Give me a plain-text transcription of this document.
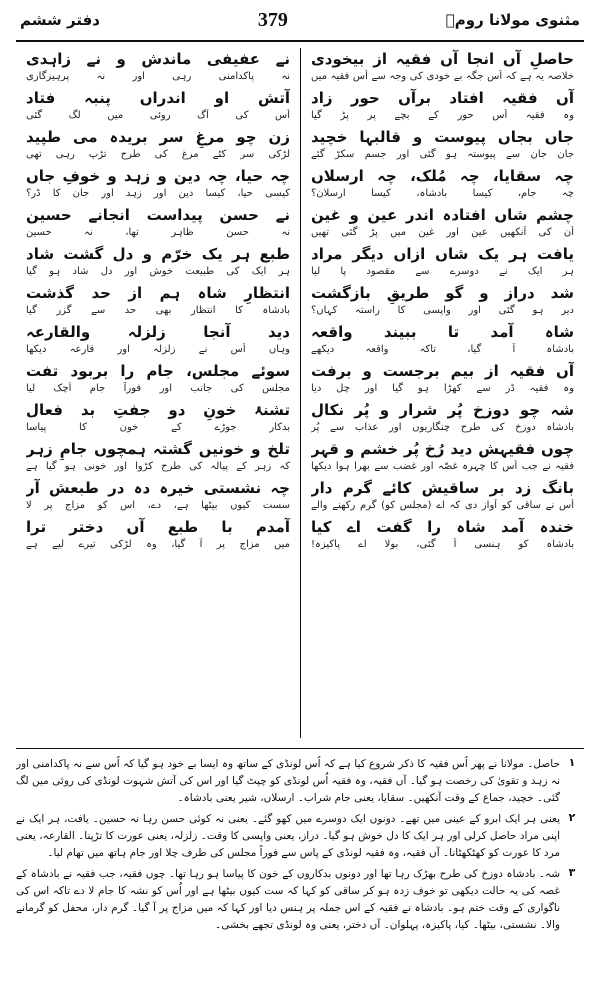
دفتر ششم	379	مثنوی مولانا رومؒ
حاصلِ آں انجا آں فقیہ از بیخودی
خلاصہ یہ ہے کہ اُس جگہ بے خودی کی وجہ سے اُس فقیہ میں
آں فقیہ افتاد برآں حور زاد
وہ فقیہ اُس حور کے بچے پر پڑ گیا
جاں بجاں پیوست و قالبہا خچید
جان جان سے پیوستہ ہو گئی اور جسم سکڑ گئے
چہ سقایا، چہ مُلک، چہ ارسلاں
چہ جام، کیسا بادشاہ، کیسا ارسلان؟
چشم شاں افتادہ اندر عین و غین
اُن کی آنکھیں عین اور غین میں پڑ گئی تھیں
یافت ہر یک شاں ازاں دیگر مراد
ہر ایک نے دوسرے سے مقصود پا لیا
شد دراز و گو طریقِ بازگشت
دیر ہو گئی اور واپسی کا راستہ کہاں؟
شاہ آمد تا ببیند واقعہ
بادشاہ آ گیا، تاکہ واقعہ دیکھے
آں فقیہ از بیم برجست و برفت
وہ فقیہ ڈر سے کھڑا ہو گیا اور چل دیا
شہ چو دوزخ پُر شرار و پُر نکال
بادشاہ دوزخ کی طرح چنگاریوں اور عذاب سے پُر
چوں فقیہش دید رُخ پُر خشم و قہر
فقیہ نے جب اُس کا چہرہ غصّہ اور غضب سے بھرا ہوا دیکھا
بانگ زد بر ساقیش کائے گرم دار
اُس نے ساقی کو آواز دی کہ اے (مجلس کو) گرم رکھنے والے
خندہ آمد شاہ را گفت اے کیا
بادشاہ کو ہنسی آ گئی، بولا اے پاکیزہ!
نے عفیفی ماندش و نے زاہدی
نہ پاکدامنی رہی اور نہ پرہیزگاری
آتش او اندراں پنبہ فتاد
اُس کی آگ روئی میں لگ گئی
زن چو مرغِ سر بریدہ می طپید
لڑکی سر کٹے مرغ کی طرح تڑپ رہی تھی
چہ حیا، چہ دین و زہد و خوفِ جاں
کیسی حیا، کیسا دین اور زہد اور جان کا ڈر؟
نے حسن پیداست انجانے حسین
نہ حسن ظاہر تھا، نہ حسین
طبع ہر یک خرّم و دل گشت شاد
ہر ایک کی طبیعت خوش اور دل شاد ہو گیا
انتظارِ شاہ ہم از حد گذشت
بادشاہ کا انتظار بھی حد سے گزر گیا
دید آنجا زلزلہ والقارعہ
وہاں اُس نے زلزلہ اور قارعہ دیکھا
سوئے مجلس، جام را بربود تفت
مجلس کی جانب اور فوراً جام اُچک لیا
تشنۂ خونِ دو جفتِ بد فعال
بدکار جوڑے کے خون کا پیاسا
تلخ و خونیں گشتہ ہمچوں جامِ زہر
کہ زہر کے پیالہ کی طرح کڑوا اور خونی ہو گیا ہے
چہ نشستی خیرہ دہ در طبعش آر
سست کیوں بیٹھا ہے، دے، اس کو مزاج پر لا
آمدم با طبع آں دختر ترا
میں مزاج پر آ گیا، وہ لڑکی تیرے لیے ہے
۱
حاصل۔ مولانا نے پھر اُس فقیہ کا ذکر شروع کیا ہے کہ اُس لونڈی کے ساتھ وہ ایسا بے خود ہو گیا کہ اُس سے نہ پاکدامنی اور نہ زہد و تقویٰ کی رخصت ہو گیا۔ آں فقیہ، وہ فقیہ اُس لونڈی کو چپٹ گیا اور اس کی آتش شہوت لونڈی کی روئی میں لگ گئی۔ خچید، جماع کے وقت آنکھیں۔ سقایا، یعنی جام شراب۔ ارسلاں، شیر یعنی بادشاہ۔
۲
یعنی ہر ایک ابرو کے عینی میں تھے۔ دونوں ایک دوسرے میں کھو گئے۔ یعنی نہ کوئی حسن رہا نہ حسین۔ یافت، ہر ایک نے اپنی مراد حاصل کرلی اور ہر ایک کا دل خوش ہو گیا۔ دراز، یعنی واپسی کا وقت۔ زلزلہ، یعنی عورت کا تڑپنا۔ القارعہ، یعنی مرد کا عورت کو کھٹکھٹانا۔ آں فقیہ، وہ فقیہ لونڈی کے پاس سے فوراً مجلس کی طرف چلا اور جام ہاتھ میں تھام لیا۔
۳
شہ۔ بادشاہ دوزخ کی طرح بھڑک رہا تھا اور دونوں بدکاروں کے خون کا پیاسا ہو رہا تھا۔ چوں فقیہ، جب فقیہ نے بادشاہ کے غصہ کی یہ حالت دیکھی تو خوف زدہ ہو کر ساقی کو کہا کہ ست کیوں بیٹھا ہے اور اُس کو نشہ کا جام لا دے تاکہ اس کی ناگواری کے وقت ختم ہو۔ بادشاہ نے فقیہ کے اس جملہ پر ہنس دیا اور کہا کہ میں مزاج پر آ گیا۔ گرم دار، محفل کو گرمانے والا۔ نشستی، بیٹھا۔ کیا، پاکیزہ، پہلوان۔ آں دختر، یعنی وہ لونڈی تجھے بخشی۔
